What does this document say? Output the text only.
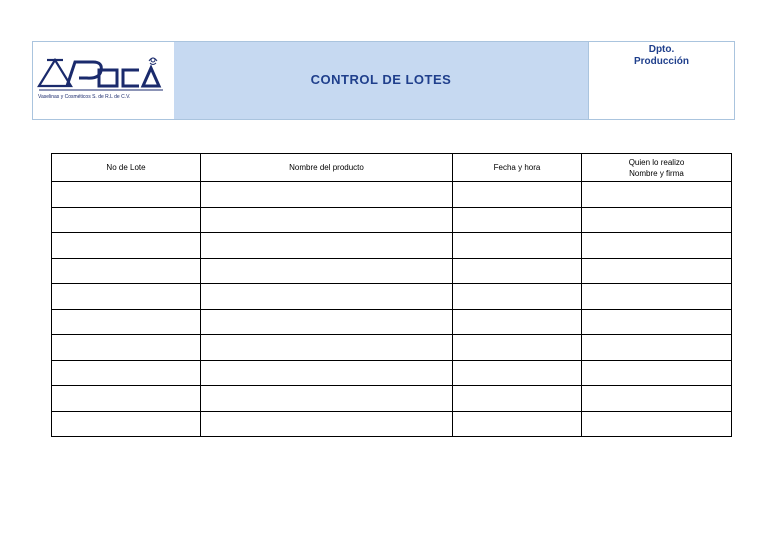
Vaselinas y Cosméticos S. de R.L de C.V.
CONTROL DE LOTES
Dpto.
Producción
No de Lote	Nombre del producto	Fecha y hora	Quien lo realizo
Nombre y firma
